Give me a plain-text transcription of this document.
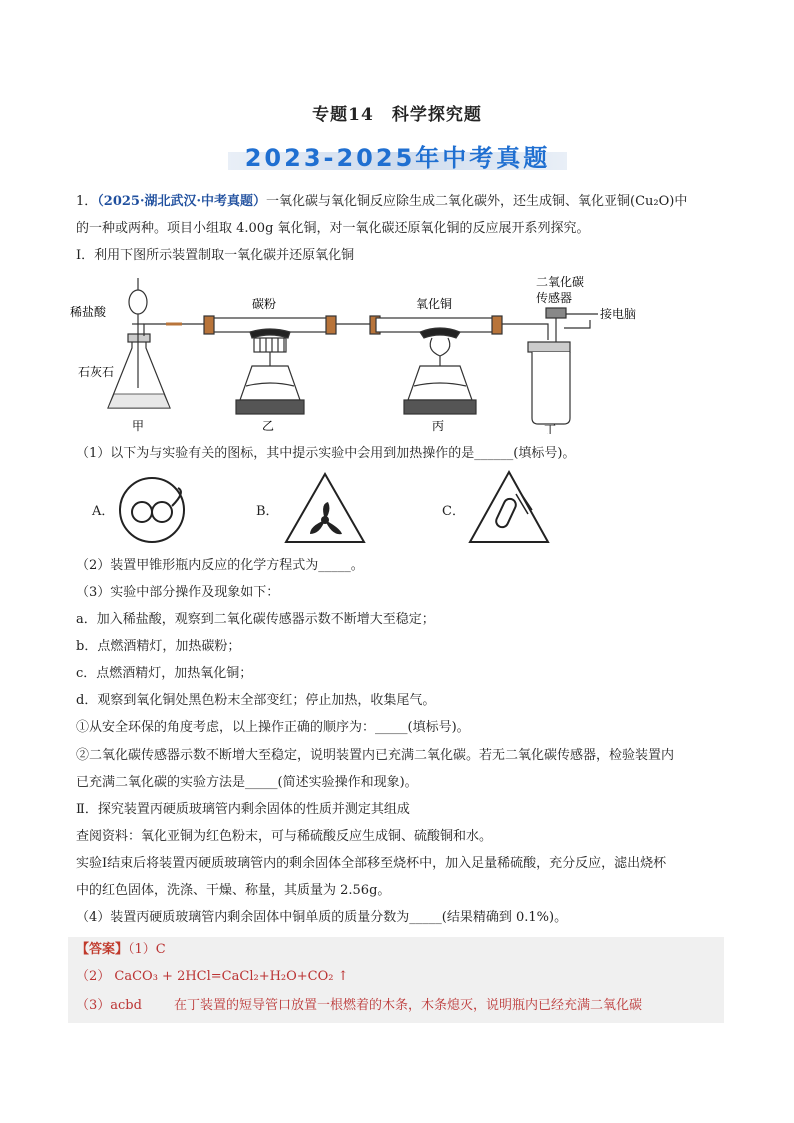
专题14　科学探究题
2023-2025年中考真题
1．（2025·湖北武汉·中考真题）一氧化碳与氧化铜反应除生成二氧化碳外，还生成铜、氧化亚铜(Cu₂O)中
的一种或两种。项目小组取 4.00g 氧化铜，对一氧化碳还原氧化铜的反应展开系列探究。
Ⅰ．利用下图所示装置制取一氧化碳并还原氧化铜
稀盐酸
石灰石
碳粉	氧化铜
二氧化碳
传感器
接电脑
甲	乙	丙	丁
（1）以下为与实验有关的图标，其中提示实验中会用到加热操作的是______(填标号)。
A．	B．	C．
（2）装置甲锥形瓶内反应的化学方程式为_____。
（3）实验中部分操作及现象如下：
a．加入稀盐酸，观察到二氧化碳传感器示数不断增大至稳定；
b．点燃酒精灯，加热碳粉；
c．点燃酒精灯，加热氧化铜；
d．观察到氧化铜处黑色粉末全部变红；停止加热，收集尾气。
①从安全环保的角度考虑，以上操作正确的顺序为：_____(填标号)。
②二氧化碳传感器示数不断增大至稳定，说明装置内已充满二氧化碳。若无二氧化碳传感器，检验装置内
已充满二氧化碳的实验方法是_____(简述实验操作和现象)。
Ⅱ．探究装置丙硬质玻璃管内剩余固体的性质并测定其组成
查阅资料：氧化亚铜为红色粉末，可与稀硫酸反应生成铜、硫酸铜和水。
实验Ⅰ结束后将装置丙硬质玻璃管内的剩余固体全部移至烧杯中，加入足量稀硫酸，充分反应，滤出烧杯
中的红色固体，洗涤、干燥、称量，其质量为 2.56g。
（4）装置丙硬质玻璃管内剩余固体中铜单质的质量分数为_____(结果精确到 0.1%)。
【答案】（1）C
（2） CaCO₃ + 2HCl=CaCl₂+H₂O+CO₂ ↑
（3）acbd 在丁装置的短导管口放置一根燃着的木条，木条熄灭，说明瓶内已经充满二氧化碳
